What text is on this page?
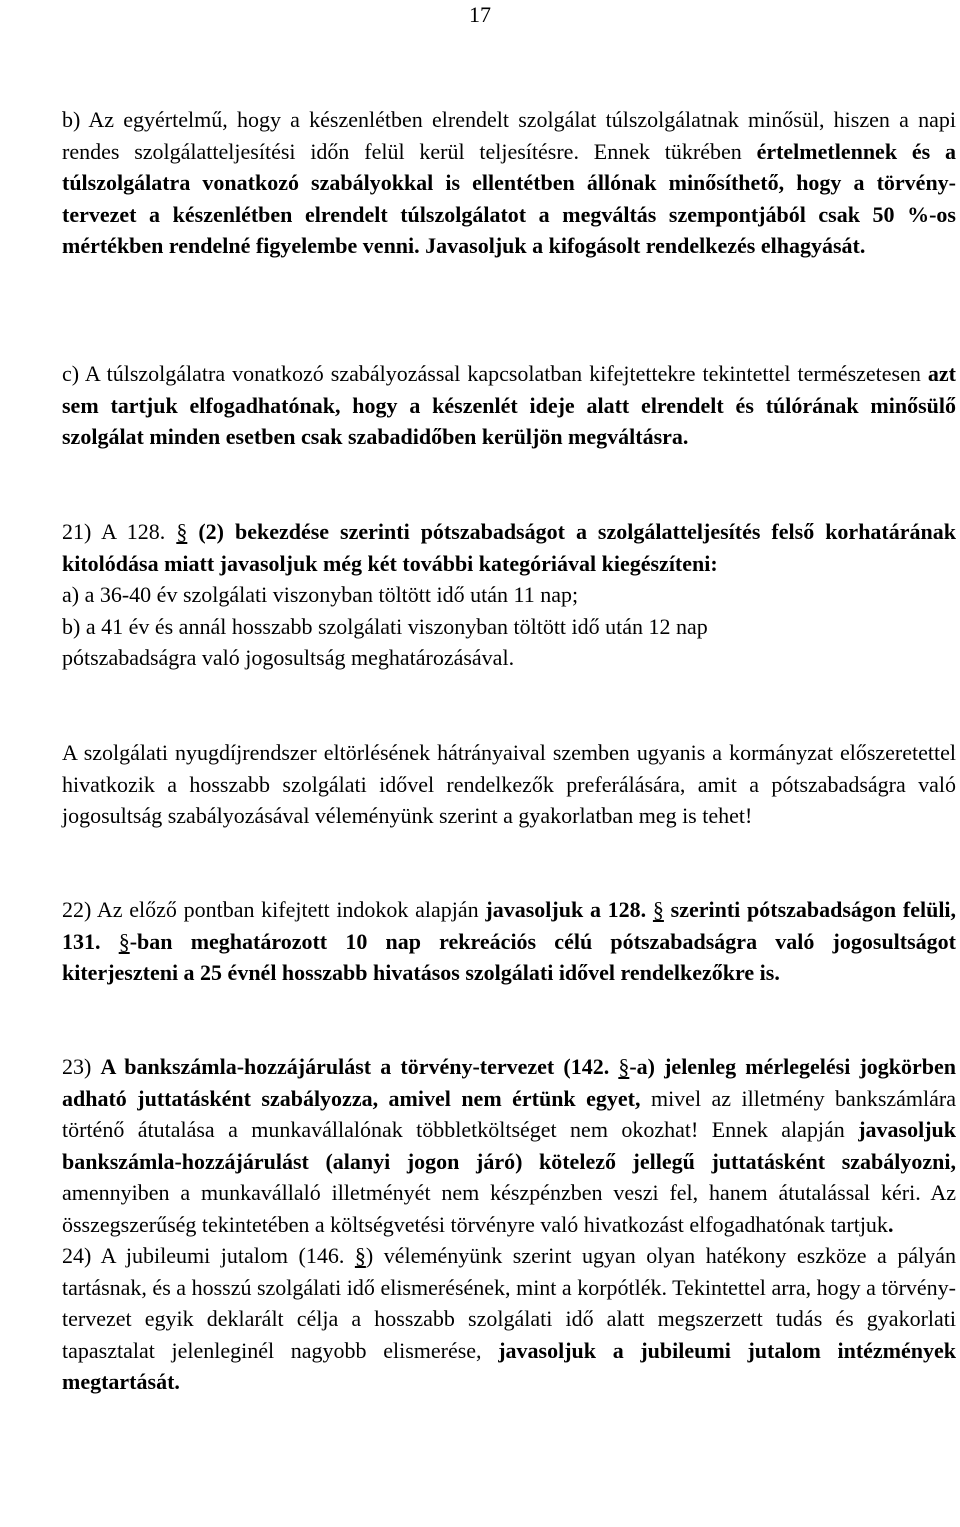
17
b) Az egyértelmű, hogy a készenlétben elrendelt szolgálat túlszolgálatnak minősül, hiszen a napi rendes szolgálatteljesítési időn felül kerül teljesítésre. Ennek tükrében értelmetlennek és a túlszolgálatra vonatkozó szabályokkal is ellentétben állónak minősíthető, hogy a törvény-tervezet a készenlétben elrendelt túlszolgálatot a megváltás szempontjából csak 50 %-os mértékben rendelné figyelembe venni. Javasoljuk a kifogásolt rendelkezés elhagyását.
c) A túlszolgálatra vonatkozó szabályozással kapcsolatban kifejtettekre tekintettel természetesen azt sem tartjuk elfogadhatónak, hogy a készenlét ideje alatt elrendelt és túlórának minősülő szolgálat minden esetben csak szabadidőben kerüljön megváltásra.
21) A 128. § (2) bekezdése szerinti pótszabadságot a szolgálatteljesítés felső korhatárának kitolódása miatt javasoljuk még két további kategóriával kiegészíteni:
a) a 36-40 év szolgálati viszonyban töltött idő után 11 nap;
b) a 41 év és annál hosszabb szolgálati viszonyban töltött idő után 12 nap
pótszabadságra való jogosultság meghatározásával.
A szolgálati nyugdíjrendszer eltörlésének hátrányaival szemben ugyanis a kormányzat előszeretettel hivatkozik a hosszabb szolgálati idővel rendelkezők preferálására, amit a pótszabadságra való jogosultság szabályozásával véleményünk szerint a gyakorlatban meg is tehet!
22) Az előző pontban kifejtett indokok alapján javasoljuk a 128. § szerinti pótszabadságon felüli, 131. §-ban meghatározott 10 nap rekreációs célú pótszabadságra való jogosultságot kiterjeszteni a 25 évnél hosszabb hivatásos szolgálati idővel rendelkezőkre is.
23) A bankszámla-hozzájárulást a törvény-tervezet (142. §-a) jelenleg mérlegelési jogkörben adható juttatásként szabályozza, amivel nem értünk egyet, mivel az illetmény bankszámlára történő átutalása a munkavállalónak többletköltséget nem okozhat! Ennek alapján javasoljuk bankszámla-hozzájárulást (alanyi jogon járó) kötelező jellegű juttatásként szabályozni, amennyiben a munkavállaló illetményét nem készpénzben veszi fel, hanem átutalással kéri. Az összegszerűség tekintetében a költségvetési törvényre való hivatkozást elfogadhatónak tartjuk.
24) A jubileumi jutalom (146. §) véleményünk szerint ugyan olyan hatékony eszköze a pályán tartásnak, és a hosszú szolgálati idő elismerésének, mint a korpótlék. Tekintettel arra, hogy a törvény-tervezet egyik deklarált célja a hosszabb szolgálati idő alatt megszerzett tudás és gyakorlati tapasztalat jelenleginél nagyobb elismerése, javasoljuk a jubileumi jutalom intézmények megtartását.
